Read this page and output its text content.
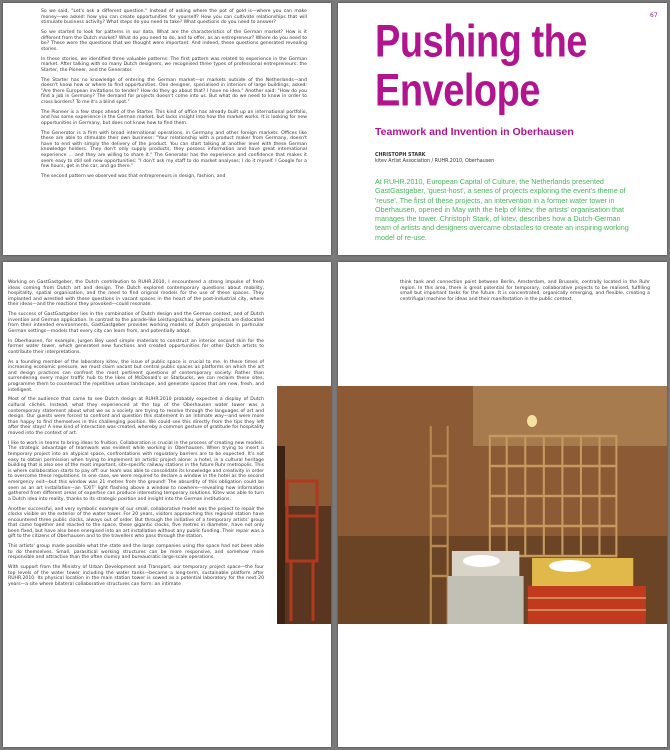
So we said, "Let's ask a different question." Instead of asking where the pot of gold is—where you can make money—we asked: how you can create opportunities for yourself? How you can cultivate relationships that will stimulate business activity? What steps do you need to take? What questions do you need to answer?

So we started to look for patterns in our data. What are the characteristics of the German market? How is it different from the Dutch market? What do you need to do, and to offer, as an entrepreneur? Where do you need to be? These were the questions that we thought were important. And indeed, these questions generated revealing stories.

In these stories, we identified three valuable patterns: The first pattern was related to experience in the German market. After talking with so many Dutch designers, we recognised three types of professional entrepreneurs: the Starter, the Pioneer, and the Generator.

The Starter has no knowledge of entering the German market—or markets outside of the Netherlands—and doesn't know how or where to find opportunities. One designer, specialised in interiors of large buildings, asked: "Are there European invitations to tender? How do they go about that? I have no idea." Another said: "How do you find a job in Germany? The demand for projects doesn't come into us. But what do we need to know in order to cross borders? To me it's a blind spot."

The Pioneer is a few steps ahead of the Starter. This kind of office has already built up an international portfolio, and has some experience in the German market, but lacks insight into how the market works. It is looking for new opportunities in Germany, but does not know how to find them.

The Generator is a firm with broad international operations, in Germany and other foreign markets. Offices like these are able to stimulate their own business: "Your relationship with a product maker from Germany, doesn't have to end with simply the delivery of the product. You can start talking at another level with these German knowledge holders. They don't only supply products, they possess information and have great international experience ... and they are willing to share it." The Generator has the experience and confidence that makes it seem easy to still sell new opportunities: "I don't ask my staff to do market analyses; I do it myself. I Google for a few hours, get in the car, and go there."

The second pattern we observed was that entrepreneurs in design, fashion, and

67
Pushing the
Envelope
Teamwork and Invention in Oberhausen
CHRISTOPH STARK
kitev Artist Association / RUHR.2010, Oberhausen
At RUHR.2010, European Capital of Culture, the Netherlands presented GastGastgeber, 'guest-host', a series of projects exploring the event's theme of 'reuse'. The first of these projects, an intervention in a former water tower in Oberhausen, opened in May with the help of kitev, the artists' organisation that manages the tower. Christoph Stark, of kitev, describes how a Dutch-German team of artists and designers overcame obstacles to create an inspiring working model of re-use.

Working on GastGastgeber, the Dutch contribution to RUHR.2010, I encountered a strong impulse of fresh ideas coming from Dutch art and design. The Dutch explored contemporary questions about mobility, hospitality, spatial organisation, and the need to find original models for the use of these spaces. They implanted and wrestled with these questions in vacant spaces in the heart of the post-industrial city, where their ideas—and the reactions they provoked—could resonate.

The success of GastGastgeber lies in the combination of Dutch design and the German context, and of Dutch invention and German application. In contrast to the parade-like Leistungsschau, where projects are dislocated from their intended environments, GastGastgeber provides working models of Dutch proposals in particular German settings—models that every city can learn from, and potentially adopt.

In Oberhausen, for example, Jurgen Bey used simple materials to construct an interior second skin for the former water tower, which generated new functions and created opportunities for other Dutch artists to contribute their interpretations.

As a founding member of the laboratory kitev, the issue of public space is crucial to me. In these times of increasing economic pressure, we must claim vacant but central public spaces as platforms on which the art and design practices can confront the most pertinent questions of contemporary society. Rather than surrendering every major traffic hub to the likes of McDonald's or Starbucks, we can reclaim these sites, programme them to counteract the repetitive urban landscape, and generate spaces that are new, fresh, and intelligent.

Most of the audience that came to see Dutch design at RUHR.2010 probably expected a display of Dutch cultural clichés. Instead, what they experienced at the top of the Oberhausen water tower was a contemporary statement about what we as a society are trying to resolve through the languages of art and design. Our guests were forced to confront and question this statement in an intimate way—and were more than happy to find themselves in this challenging position. We could see this directly from the tips they left after their stays! A new kind of interaction was created, whereby a common gesture of gratitude for hospitality moved into the context of art.

I like to work in teams to bring ideas to fruition. Collaboration is crucial in the process of creating new models. The strategic advantage of teamwork was evident while working in Oberhausen. When trying to insert a temporary project into an atypical space, confrontations with regulatory barriers are to be expected. It's not easy to obtain permission when trying to implement an artistic project alone: a hotel, in a cultural heritage building that is also one of the most important, site-specific railway stations in the future Ruhr metropolis. This is where collaboration starts to pay off: our team was able to consolidate its knowledge and creativity in order to overcome these regulations. In one case, we were required to declare a window in the hotel as the second emergency exit—but this window was 21 metres from the ground! The absurdity of this obligation could be seen as an art installation—an 'EXIT' light flashing above a window to nowhere—revealing how information gathered from different areas of expertise can produce interesting temporary solutions. Kitev was able to turn a Dutch idea into reality, thanks to its strategic position and insight into the German institutions.

Another successful, and very symbolic example of our small, collaborative model was the project to repair the clocks visible on the exterior of the water tower. For 20 years, visitors approaching this regional station have encountered three public clocks, always out of order. But through the initiative of a temporary artists' group that came together and reacted to the space, these gigantic clocks, five metres in diameter, have not only been fixed, but have also been energised into an art installation without any public funding. Their repair was a gift to the citizens of Oberhausen and to the travellers who pass through the station.

This artists' group made possible what the state and the large companies using the space had not been able to do themselves. Small, parasitical working structures can be more responsive, and somehow more responsible and attractive than the often clumsy and bureaucratic large-scale operations.

With support from the Ministry of Urban Development and Transport, our temporary project space—the four top levels of the water tower including the water tanks—became a long-term, sustainable platform after RUHR.2010. Its physical location in the main station tower is sowed as a potential laboratory for the next 20 years—a site where bilateral collaborative structures can form: an intimate

think tank and connection point between Berlin, Amsterdam, and Brussels, centrally located in the Ruhr region. In this area, there is great potential for temporary, collaborative projects to be realised, fulfilling small but important tasks for the future. It is concentrated, organically emerging, and flexible, creating a centrifugal machine for ideas and their manifestation in the public context.
